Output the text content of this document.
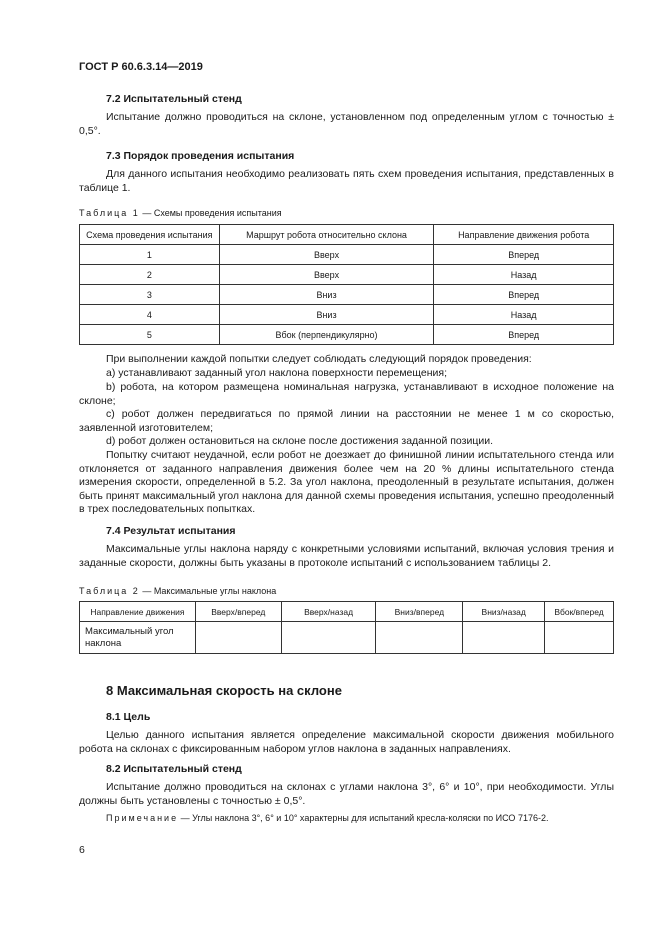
ГОСТ Р 60.6.3.14—2019
7.2 Испытательный стенд

Испытание должно проводиться на склоне, установленном под определенным углом с точностью ± 0,5°.

7.3 Порядок проведения испытания

Для данного испытания необходимо реализовать пять схем проведения испытания, представленных в таблице 1.

Таблица 1 — Схемы проведения испытания
Схема проведения испытания	Маршрут робота относительно склона	Направление движения робота
1	Вверх	Вперед
2	Вверх	Назад
3	Вниз	Вперед
4	Вниз	Назад
5	Вбок (перпендикулярно)	Вперед

При выполнении каждой попытки следует соблюдать следующий порядок проведения:

a) устанавливают заданный угол наклона поверхности перемещения;

b) робота, на котором размещена номинальная нагрузка, устанавливают в исходное положение на склоне;

c) робот должен передвигаться по прямой линии на расстоянии не менее 1 м со скоростью, заявленной изготовителем;

d) робот должен остановиться на склоне после достижения заданной позиции.

Попытку считают неудачной, если робот не доезжает до финишной линии испытательного стенда или отклоняется от заданного направления движения более чем на 20 % длины испытательного стенда измерения скорости, определенной в 5.2. За угол наклона, преодоленный в результате испытания, должен быть принят максимальный угол наклона для данной схемы проведения испытания, успешно преодоленный в трех последовательных попытках.

7.4 Результат испытания

Максимальные углы наклона наряду с конкретными условиями испытаний, включая условия трения и заданные скорости, должны быть указаны в протоколе испытаний с использованием таблицы 2.

Таблица 2 — Максимальные углы наклона
Направление движения	Вверх/вперед	Вверх/назад	Вниз/вперед	Вниз/назад	Вбок/вперед
Максимальный угол наклона					
8 Максимальная скорость на склоне
8.1 Цель

Целью данного испытания является определение максимальной скорости движения мобильного робота на склонах с фиксированным набором углов наклона в заданных направлениях.

8.2 Испытательный стенд

Испытание должно проводиться на склонах с углами наклона 3°, 6° и 10°, при необходимости. Углы должны быть установлены с точностью ± 0,5°.

Примечание — Углы наклона 3°, 6° и 10° характерны для испытаний кресла-коляски по ИСО 7176-2.
6
